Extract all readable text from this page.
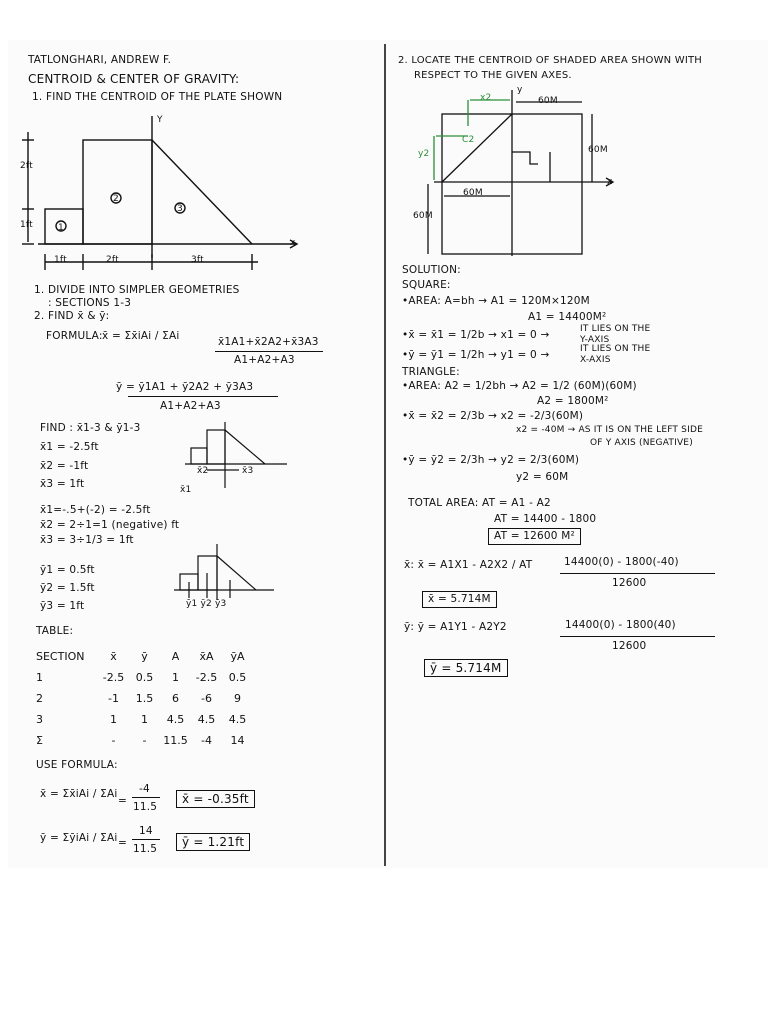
TATLONGHARI, ANDREW F.
CENTROID & CENTER OF GRAVITY:
1. FIND THE CENTROID OF THE PLATE SHOWN
2ft
1ft	1
2
3
Y
x
1ft	2ft	3ft
1. DIVIDE INTO SIMPLER GEOMETRIES
: SECTIONS 1-3
2. FIND x̄ & ȳ:
FORMULA: x̄ = Σx̄iAi / ΣAi	x̄1A1+x̄2A2+x̄3A3
A1+A2+A3
ȳ = ȳ1A1 + ȳ2A2 + ȳ3A3
A1+A2+A3
FIND : x̄1-3 & ȳ1-3
x̄1 = -2.5ft
x̄2 = -1ft
x̄3 = 1ft
x̄2	x̄3
x̄1
x̄1=-.5+(-2) = -2.5ft
x̄2 = 2÷1=1 (negative) ft
x̄3 = 3÷1/3 = 1ft
ȳ1 = 0.5ft
ȳ2 = 1.5ft
ȳ3 = 1ft	ȳ1 ȳ2 ȳ3
TABLE:
SECTION	x̄	ȳ	A	x̄A	ȳA
1	-2.5	0.5	1	-2.5	0.5
2	-1	1.5	6	-6	9
3	1	1	4.5	4.5	4.5
Σ	-	-	11.5	-4	14
USE FORMULA:
x̄ = Σx̄iAi / ΣAi
=
-4
11.5
x̄ = -0.35ft
ȳ = ΣȳiAi / ΣAi =
14
11.5	ȳ = 1.21ft
2. LOCATE THE CENTROID OF SHADED AREA SHOWN WITH
RESPECT TO THE GIVEN AXES.
x2
y
60M
60M
C2
y2
x
60M
60M
SOLUTION:
SQUARE:
•AREA: A=bh → A1 = 120M×120M
A1 = 14400M²
•x̄ = x̄1 = 1/2b → x1 = 0 →	IT LIES ON THE
Y-AXIS
•ȳ = ȳ1 = 1/2h → y1 = 0 →	IT LIES ON THE
X-AXIS
TRIANGLE:
•AREA: A2 = 1/2bh → A2 = 1/2 (60M)(60M)
A2 = 1800M²
•x̄ = x̄2 = 2/3b → x2 = -2/3(60M)
x2 = -40M → AS IT IS ON THE LEFT SIDE
OF Y AXIS (NEGATIVE)
•ȳ = ȳ2 = 2/3h → y2 = 2/3(60M)
y2 = 60M
TOTAL AREA: AT = A1 - A2
AT = 14400 - 1800
AT = 12600 M²
x̄: x̄ = A1X1 - A2X2 / AT	14400(0) - 1800(-40)
12600
x̄ = 5.714M
ȳ: ȳ = A1Y1 - A2Y2	14400(0) - 1800(40)
12600
ȳ = 5.714M
